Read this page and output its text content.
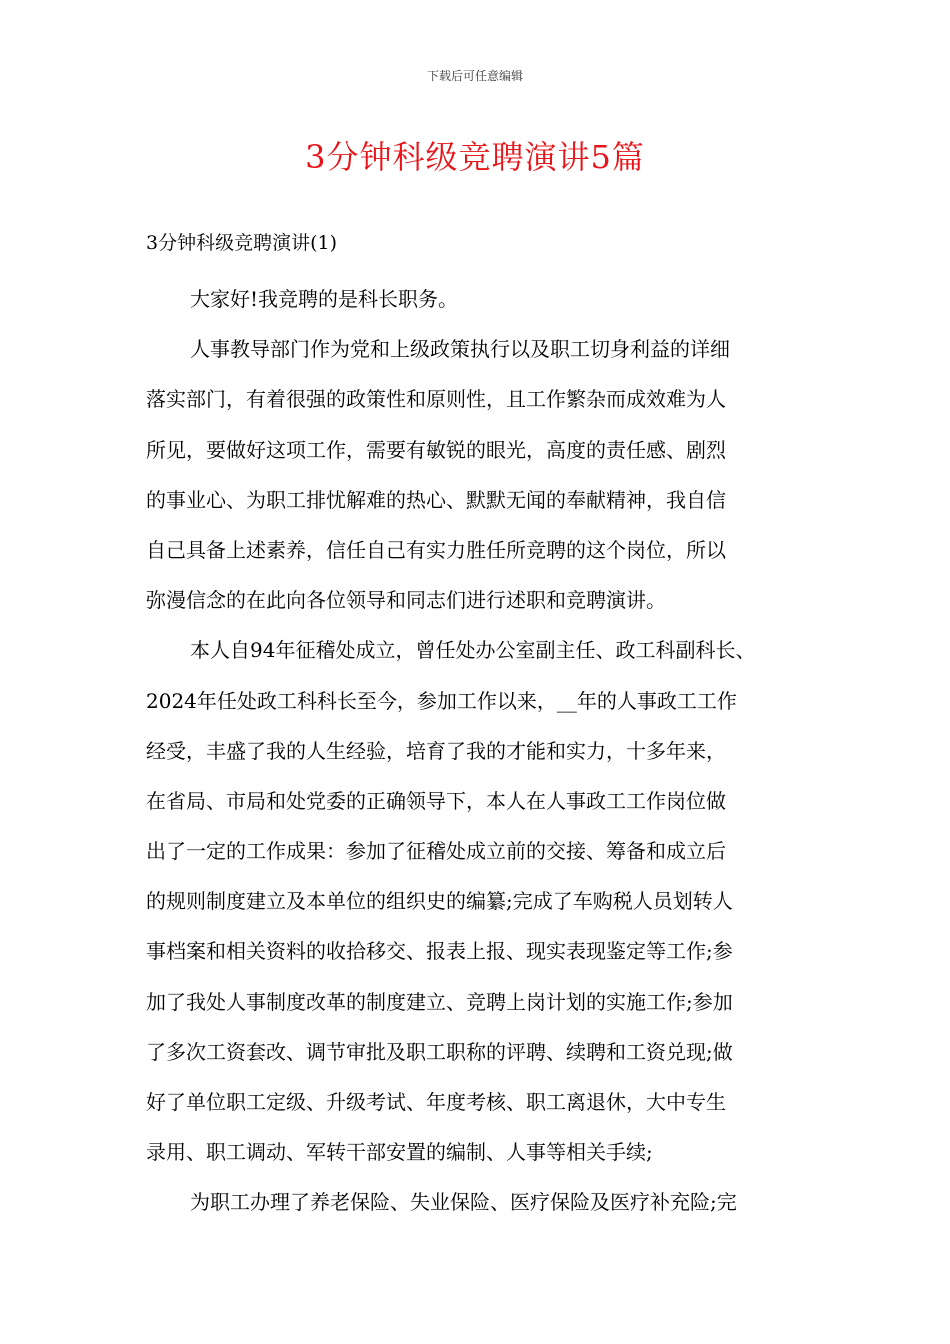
下载后可任意编辑
3分钟科级竞聘演讲5篇
3分钟科级竞聘演讲(1)
大家好!我竞聘的是科长职务。
人事教导部门作为党和上级政策执行以及职工切身利益的详细
落实部门，有着很强的政策性和原则性，且工作繁杂而成效难为人
所见，要做好这项工作，需要有敏锐的眼光，高度的责任感、剧烈
的事业心、为职工排忧解难的热心、默默无闻的奉献精神，我自信
自己具备上述素养，信任自己有实力胜任所竞聘的这个岗位，所以
弥漫信念的在此向各位领导和同志们进行述职和竞聘演讲。
本人自94年征稽处成立，曾任处办公室副主任、政工科副科长、
2024年任处政工科科长至今，参加工作以来，__年的人事政工工作
经受，丰盛了我的人生经验，培育了我的才能和实力，十多年来，
在省局、市局和处党委的正确领导下，本人在人事政工工作岗位做
出了一定的工作成果：参加了征稽处成立前的交接、筹备和成立后
的规则制度建立及本单位的组织史的编纂;完成了车购税人员划转人
事档案和相关资料的收拾移交、报表上报、现实表现鉴定等工作;参
加了我处人事制度改革的制度建立、竞聘上岗计划的实施工作;参加
了多次工资套改、调节审批及职工职称的评聘、续聘和工资兑现;做
好了单位职工定级、升级考试、年度考核、职工离退休，大中专生
录用、职工调动、军转干部安置的编制、人事等相关手续;
为职工办理了养老保险、失业保险、医疗保险及医疗补充险;完
